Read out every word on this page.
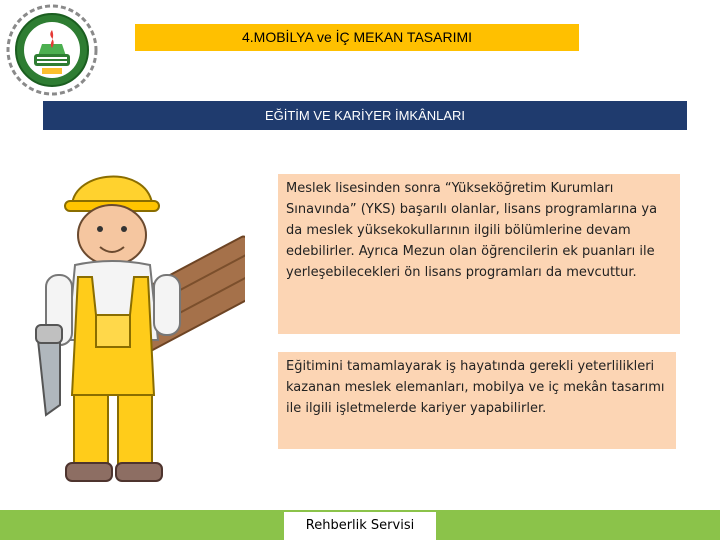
4.MOBİLYA ve İÇ MEKAN TASARIMI
EĞİTİM VE KARİYER İMKÂNLARI
Meslek lisesinden sonra “Yükseköğretim Kurumları Sınavında” (YKS) başarılı olanlar, lisans programlarına ya da meslek yüksekokullarının ilgili bölümlerine devam edebilirler. Ayrıca Mezun olan öğrencilerin ek puanları ile yerleşebilecekleri ön lisans programları da mevcuttur.
Eğitimini tamamlayarak iş hayatında gerekli yeterlilikleri kazanan meslek elemanları, mobilya ve iç mekân tasarımı ile ilgili işletmelerde kariyer yapabilirler.
Rehberlik Servisi
